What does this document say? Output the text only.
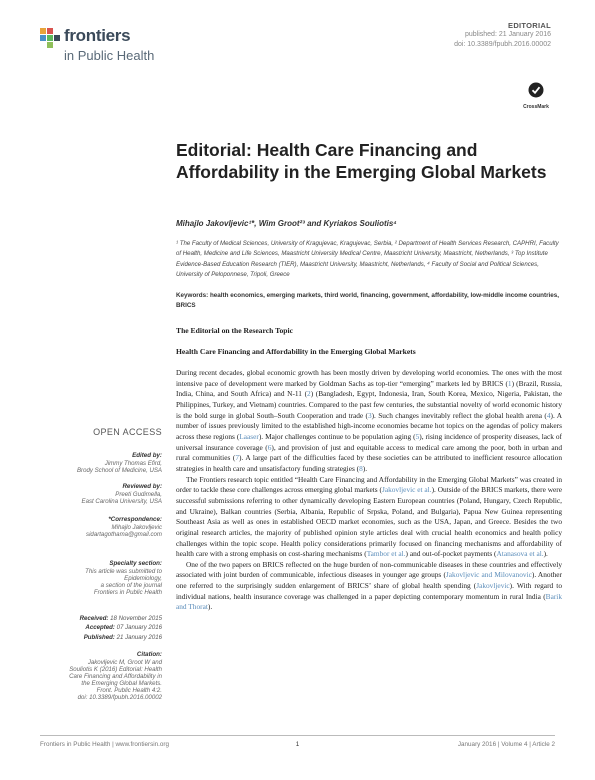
frontiers
in Public Health
EDITORIAL
published: 21 January 2016
doi: 10.3389/fpubh.2016.00002
CrossMark
Editorial: Health Care Financing and Affordability in the Emerging Global Markets
Mihajlo Jakovljevic¹*, Wim Groot²³ and Kyriakos Souliotis⁴
¹ The Faculty of Medical Sciences, University of Kragujevac, Kragujevac, Serbia, ² Department of Health Services Research, CAPHRI, Faculty of Health, Medicine and Life Sciences, Maastricht University Medical Centre, Maastricht University, Maastricht, Netherlands, ³ Top Institute Evidence-Based Education Research (TIER), Maastricht University, Maastricht, Netherlands, ⁴ Faculty of Social and Political Sciences, University of Peloponnese, Tripoli, Greece
Keywords: health economics, emerging markets, third world, financing, government, affordability, low-middle income countries, BRICS
The Editorial on the Research Topic
Health Care Financing and Affordability in the Emerging Global Markets

During recent decades, global economic growth has been mostly driven by developing world economies. The ones with the most intensive pace of development were marked by Goldman Sachs as top-tier “emerging” markets led by BRICS (1) (Brazil, Russia, India, China, and South Africa) and N-11 (2) (Bangladesh, Egypt, Indonesia, Iran, South Korea, Mexico, Nigeria, Pakistan, the Philippines, Turkey, and Vietnam) countries. Compared to the past few centuries, the substantial novelty of world economic history is the bold surge in global South–South Cooperation and trade (3). Such changes inevitably reflect the global health arena (4). A number of issues previously limited to the established high-income economies became hot topics on the agendas of policy makers across these regions (Laaser). Major challenges continue to be population aging (5), rising incidence of prosperity diseases, lack of universal insurance coverage (6), and provision of just and equitable access to medical care among the poor, both in urban and rural communities (7). A large part of the difficulties faced by these societies can be attributed to inefficient resource allocation strategies in health care and unsatisfactory funding strategies (8).

The Frontiers research topic entitled “Health Care Financing and Affordability in the Emerging Global Markets” was created in order to tackle these core challenges across emerging global markets (Jakovljevic et al.). Outside of the BRICS markets, there were successful submissions referring to other dynamically developing Eastern European countries (Poland, Hungary, Czech Republic, and Ukraine), Balkan countries (Serbia, Albania, Republic of Srpska, Poland, and Bulgaria), Papua New Guinea representing Southeast Asia as well as ones in established OECD market economies, such as the USA, Japan, and Greece. Besides the two original research articles, the majority of published opinion style articles deal with crucial health economics and health policy challenges within the topic scope. Health policy considerations primarily focused on financing mechanisms and affordability of health care with a strong emphasis on cost-sharing mechanisms (Tambor et al.) and out-of-pocket payments (Atanasova et al.).

One of the two papers on BRICS reflected on the huge burden of non-communicable diseases in these countries and effectively associated with joint burden of communicable, infectious diseases in younger age groups (Jakovljevic and Milovanovic). Another one referred to the surprisingly sudden enlargement of BRICS’ share of global health spending (Jakovljevic). With regard to individual nations, health insurance coverage was challenged in a paper depicting contemporary momentum in rural India (Barik and Thorat).

OPEN ACCESS
Edited by:
Jimmy Thomas Efird,
Brody School of Medicine, USA
Reviewed by:
Preeti Gudimella,
East Carolina University, USA
*Correspondence:
Mihajlo Jakovljevic
sidartagothama@gmail.com
Specialty section:
This article was submitted to
Epidemiology,
a section of the journal
Frontiers in Public Health
Received: 18 November 2015
Accepted: 07 January 2016
Published: 21 January 2016
Citation:
Jakovljevic M, Groot W and
Souliotis K (2016) Editorial: Health
Care Financing and Affordability in
the Emerging Global Markets.
Front. Public Health 4:2.
doi: 10.3389/fpubh.2016.00002
Frontiers in Public Health | www.frontiersin.org	1	January 2016 | Volume 4 | Article 2
